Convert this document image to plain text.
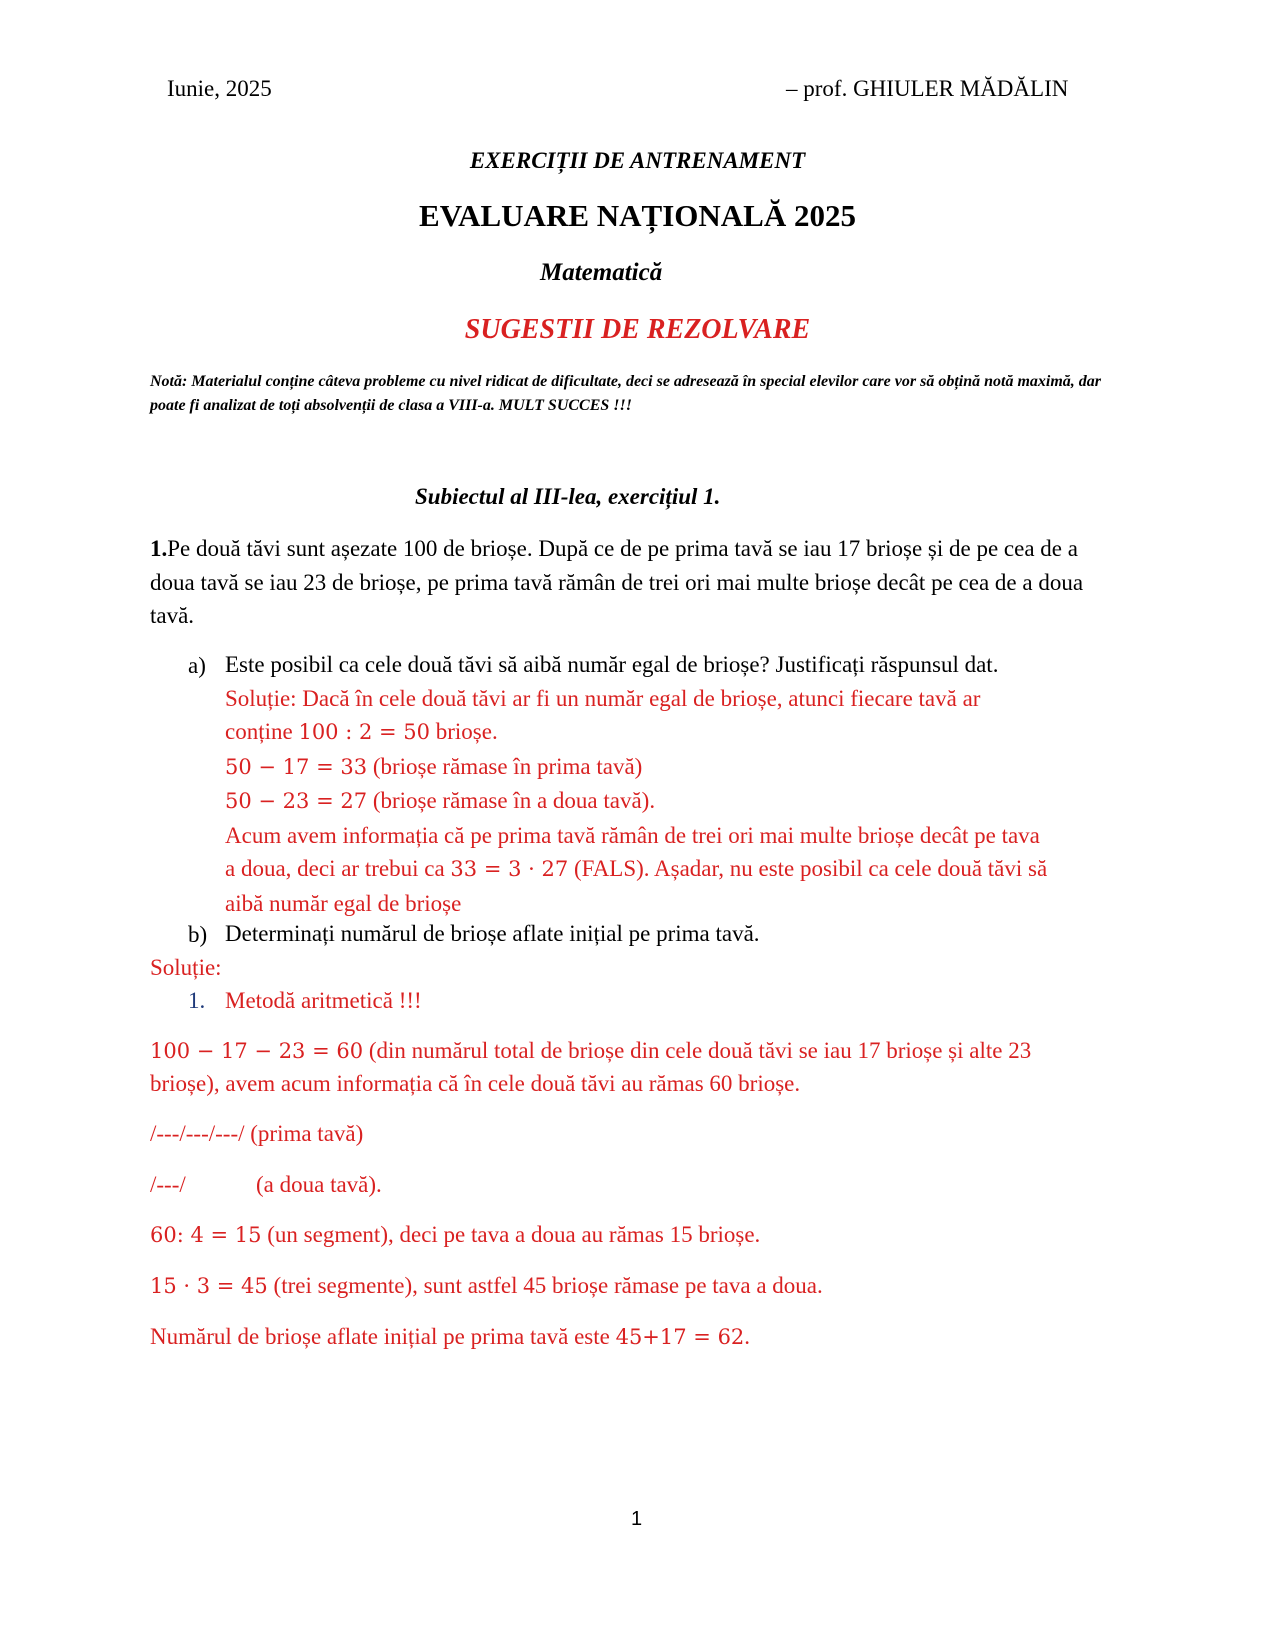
Iunie, 2025	– prof. GHIULER MĂDĂLIN
EXERCIȚII DE ANTRENAMENT
EVALUARE NAȚIONALĂ 2025
Matematică
SUGESTII DE REZOLVARE
Notă: Materialul conține câteva probleme cu nivel ridicat de dificultate, deci se adresează în special elevilor care vor să obțină notă maximă, dar poate fi analizat de toți absolvenții de clasa a VIII-a. MULT SUCCES !!!
Subiectul al III-lea, exercițiul 1.
1.Pe două tăvi sunt așezate 100 de brioșe. După ce de pe prima tavă se iau 17 brioșe și de pe cea de a doua tavă se iau 23 de brioșe, pe prima tavă rămân de trei ori mai multe brioșe decât pe cea de a doua tavă.
a) Este posibil ca cele două tăvi să aibă număr egal de brioșe? Justificați răspunsul dat.
Soluție: Dacă în cele două tăvi ar fi un număr egal de brioșe, atunci fiecare tavă ar
conține 100 : 2 = 50 brioșe.
50 − 17 = 33 (brioșe rămase în prima tavă)
50 − 23 = 27 (brioșe rămase în a doua tavă).
Acum avem informația că pe prima tavă rămân de trei ori mai multe brioșe decât pe tava
a doua, deci ar trebui ca 33 = 3 · 27 (FALS). Așadar, nu este posibil ca cele două tăvi să
aibă număr egal de brioșe
b) Determinați numărul de brioșe aflate inițial pe prima tavă.
Soluție:
1. Metodă aritmetică !!!
100 − 17 − 23 = 60 (din numărul total de brioșe din cele două tăvi se iau 17 brioșe și alte 23
brioșe), avem acum informația că în cele două tăvi au rămas 60 brioșe.
/---/---/---/ (prima tavă)
/---/	(a doua tavă).
60: 4 = 15 (un segment), deci pe tava a doua au rămas 15 brioșe.
15 · 3 = 45 (trei segmente), sunt astfel 45 brioșe rămase pe tava a doua.
Numărul de brioșe aflate inițial pe prima tavă este 45+17 = 62.
1
